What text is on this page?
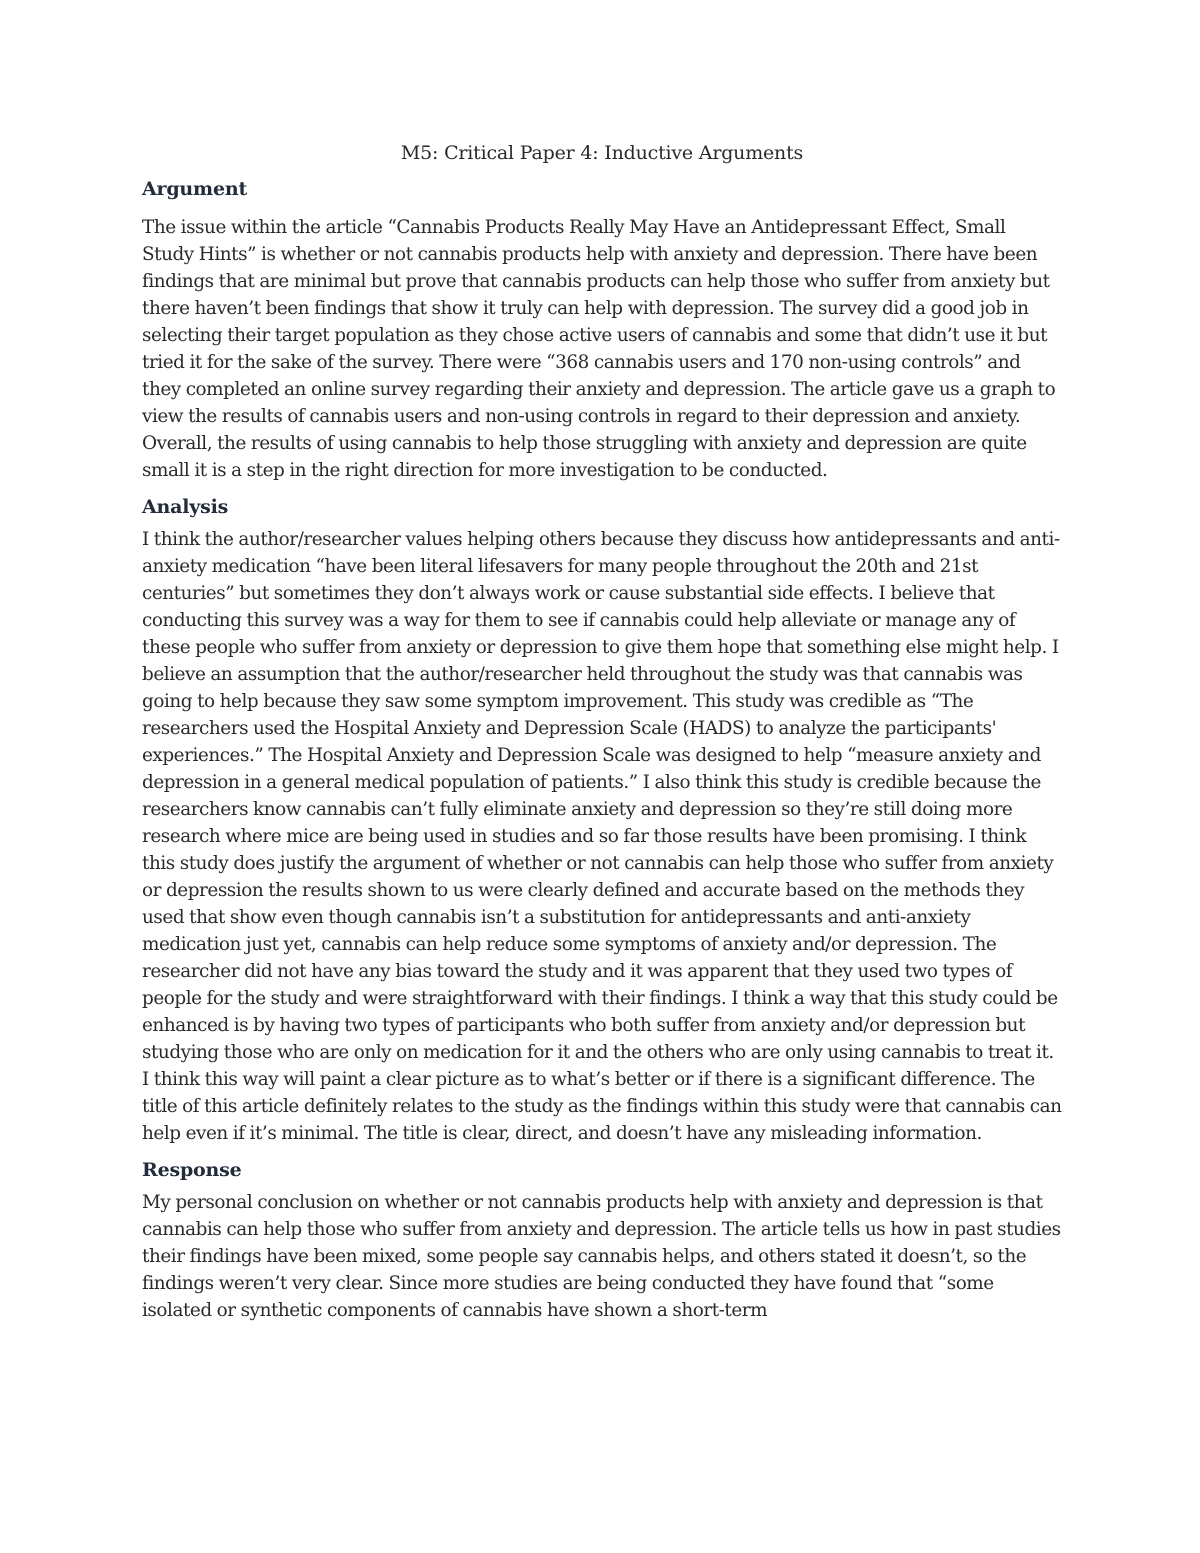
M5: Critical Paper 4: Inductive Arguments
Argument

The issue within the article “Cannabis Products Really May Have an Antidepressant Effect, Small Study Hints” is whether or not cannabis products help with anxiety and depression. There have been findings that are minimal but prove that cannabis products can help those who suffer from anxiety but there haven’t been findings that show it truly can help with depression. The survey did a good job in selecting their target population as they chose active users of cannabis and some that didn’t use it but tried it for the sake of the survey. There were “368 cannabis users and 170 non-using controls” and they completed an online survey regarding their anxiety and depression. The article gave us a graph to view the results of cannabis users and non-using controls in regard to their depression and anxiety. Overall, the results of using cannabis to help those struggling with anxiety and depression are quite small it is a step in the right direction for more investigation to be conducted.

Analysis

I think the author/researcher values helping others because they discuss how antidepressants and anti-anxiety medication “have been literal lifesavers for many people throughout the 20th and 21st centuries” but sometimes they don’t always work or cause substantial side effects. I believe that conducting this survey was a way for them to see if cannabis could help alleviate or manage any of these people who suffer from anxiety or depression to give them hope that something else might help. I believe an assumption that the author/researcher held throughout the study was that cannabis was going to help because they saw some symptom improvement. This study was credible as “The researchers used the Hospital Anxiety and Depression Scale (HADS) to analyze the participants' experiences.” The Hospital Anxiety and Depression Scale was designed to help “measure anxiety and depression in a general medical population of patients.” I also think this study is credible because the researchers know cannabis can’t fully eliminate anxiety and depression so they’re still doing more research where mice are being used in studies and so far those results have been promising. I think this study does justify the argument of whether or not cannabis can help those who suffer from anxiety or depression the results shown to us were clearly defined and accurate based on the methods they used that show even though cannabis isn’t a substitution for antidepressants and anti-anxiety medication just yet, cannabis can help reduce some symptoms of anxiety and/or depression. The researcher did not have any bias toward the study and it was apparent that they used two types of people for the study and were straightforward with their findings. I think a way that this study could be enhanced is by having two types of participants who both suffer from anxiety and/or depression but studying those who are only on medication for it and the others who are only using cannabis to treat it. I think this way will paint a clear picture as to what’s better or if there is a significant difference. The title of this article definitely relates to the study as the findings within this study were that cannabis can help even if it’s minimal. The title is clear, direct, and doesn’t have any misleading information.

Response

My personal conclusion on whether or not cannabis products help with anxiety and depression is that cannabis can help those who suffer from anxiety and depression. The article tells us how in past studies their findings have been mixed, some people say cannabis helps, and others stated it doesn’t, so the findings weren’t very clear. Since more studies are being conducted they have found that “some isolated or synthetic components of cannabis have shown a short-term
